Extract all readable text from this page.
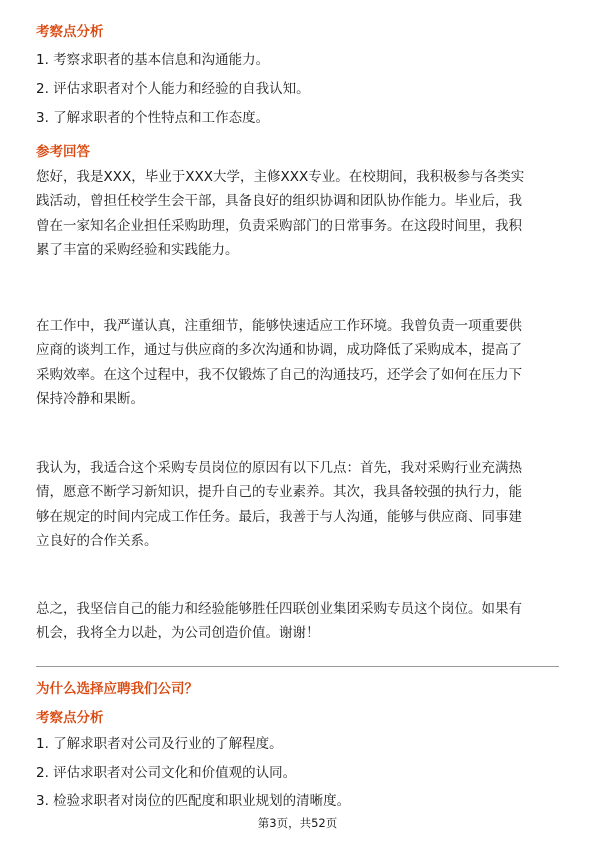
考察点分析
1. 考察求职者的基本信息和沟通能力。
2. 评估求职者对个人能力和经验的自我认知。
3. 了解求职者的个性特点和工作态度。
参考回答
您好，我是XXX，毕业于XXX大学，主修XXX专业。在校期间，我积极参与各类实
践活动，曾担任校学生会干部，具备良好的组织协调和团队协作能力。毕业后，我
曾在一家知名企业担任采购助理，负责采购部门的日常事务。在这段时间里，我积
累了丰富的采购经验和实践能力。
在工作中，我严谨认真，注重细节，能够快速适应工作环境。我曾负责一项重要供
应商的谈判工作，通过与供应商的多次沟通和协调，成功降低了采购成本，提高了
采购效率。在这个过程中，我不仅锻炼了自己的沟通技巧，还学会了如何在压力下
保持冷静和果断。
我认为，我适合这个采购专员岗位的原因有以下几点：首先，我对采购行业充满热
情，愿意不断学习新知识，提升自己的专业素养。其次，我具备较强的执行力，能
够在规定的时间内完成工作任务。最后，我善于与人沟通，能够与供应商、同事建
立良好的合作关系。
总之，我坚信自己的能力和经验能够胜任四联创业集团采购专员这个岗位。如果有
机会，我将全力以赴，为公司创造价值。谢谢！
为什么选择应聘我们公司？
考察点分析
1. 了解求职者对公司及行业的了解程度。
2. 评估求职者对公司文化和价值观的认同。
3. 检验求职者对岗位的匹配度和职业规划的清晰度。
第3页，共52页
